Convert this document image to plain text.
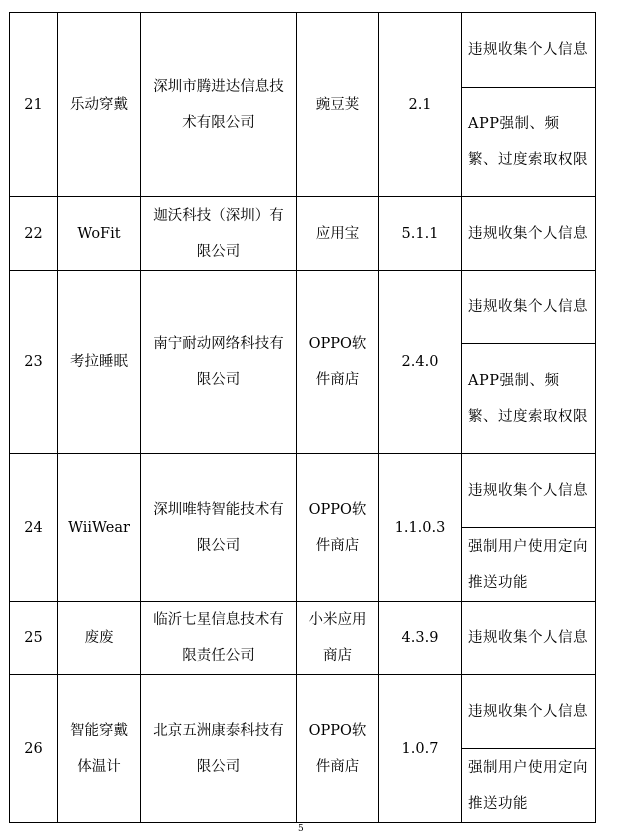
21	乐动穿戴	深圳市腾进达信息技术有限公司	豌豆荚	2.1	违规收集个人信息
					APP强制、频繁、过度索取权限
22	WoFit	迦沃科技（深圳）有限公司	应用宝	5.1.1	违规收集个人信息
23	考拉睡眠	南宁耐动网络科技有限公司	OPPO软件商店	2.4.0	违规收集个人信息
					APP强制、频繁、过度索取权限
24	WiiWear	深圳唯特智能技术有限公司	OPPO软件商店	1.1.0.3	违规收集个人信息
					强制用户使用定向推送功能
25	废废	临沂七星信息技术有限责任公司	小米应用商店	4.3.9	违规收集个人信息
26	智能穿戴体温计	北京五洲康泰科技有限公司	OPPO软件商店	1.0.7	违规收集个人信息
					强制用户使用定向推送功能
5
